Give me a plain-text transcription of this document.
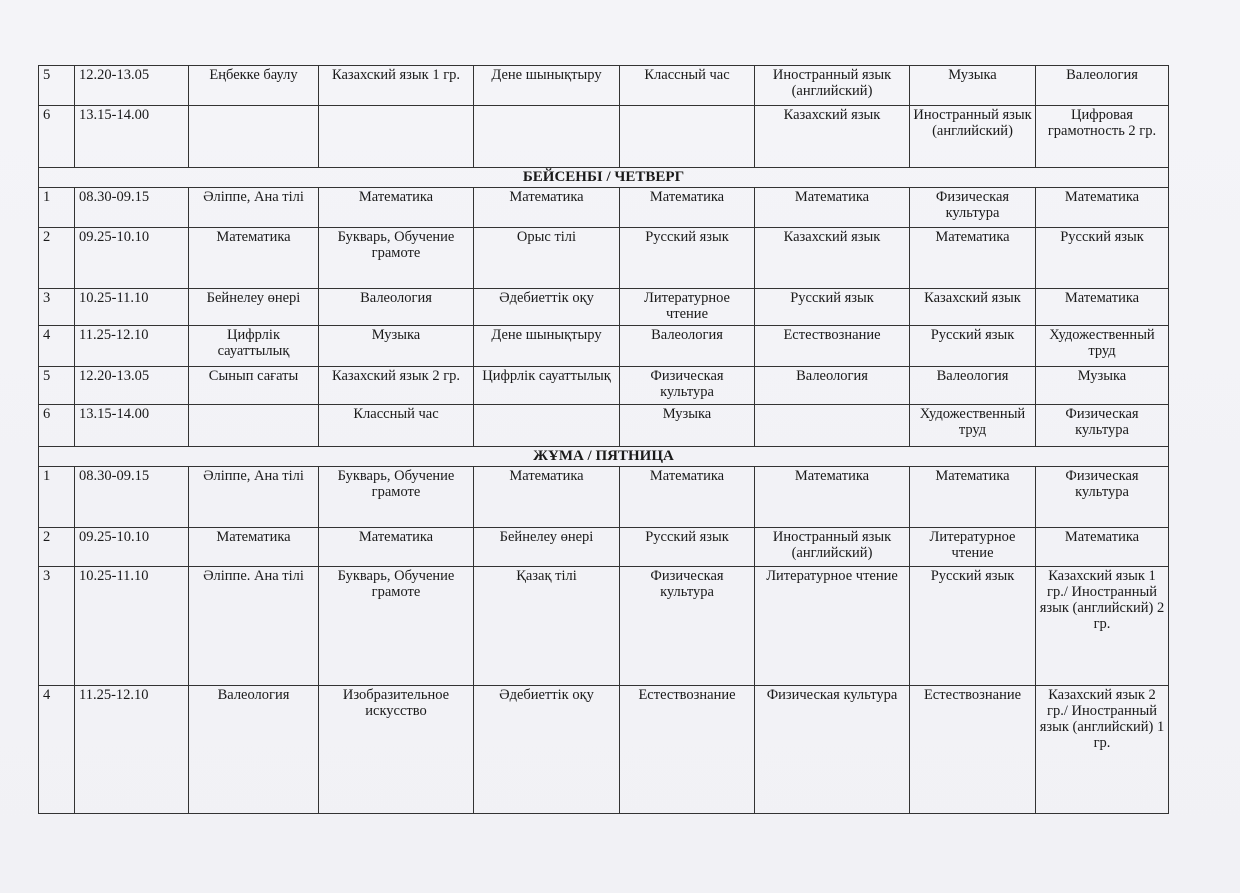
5	12.20-13.05	Еңбекке баулу	Казахский язык 1 гр.	Дене шынықтыру	Классный час	Иностранный язык (английский)	Музыка	Валеология
6	13.15-14.00					Казахский язык	Иностранный язык (английский)	Цифровая грамотность 2 гр.
БЕЙСЕНБІ / ЧЕТВЕРГ								
1	08.30-09.15	Әліппе, Ана тілі	Математика	Математика	Математика	Математика	Физическая культура	Математика
2	09.25-10.10	Математика	Букварь, Обучение грамоте	Орыс тілі	Русский язык	Казахский язык	Математика	Русский язык
3	10.25-11.10	Бейнелеу өнері	Валеология	Әдебиеттік оқу	Литературное чтение	Русский язык	Казахский язык	Математика
4	11.25-12.10	Цифрлік сауаттылық	Музыка	Дене шынықтыру	Валеология	Естествознание	Русский язык	Художественный труд
5	12.20-13.05	Сынып сағаты	Казахский язык 2 гр.	Цифрлік сауаттылық	Физическая культура	Валеология	Валеология	Музыка
6	13.15-14.00		Классный час		Музыка		Художественный труд	Физическая культура
ЖҰМА / ПЯТНИЦА								
1	08.30-09.15	Әліппе, Ана тілі	Букварь, Обучение грамоте	Математика	Математика	Математика	Математика	Физическая культура
2	09.25-10.10	Математика	Математика	Бейнелеу өнері	Русский язык	Иностранный язык (английский)	Литературное чтение	Математика
3	10.25-11.10	Әліппе. Ана тілі	Букварь, Обучение грамоте	Қазақ тілі	Физическая культура	Литературное чтение	Русский язык	Казахский язык 1 гр./ Иностранный язык (английский) 2 гр.
4	11.25-12.10	Валеология	Изобразительное искусство	Әдебиеттік оқу	Естествознание	Физическая культура	Естествознание	Казахский язык 2 гр./ Иностранный язык (английский) 1 гр.
